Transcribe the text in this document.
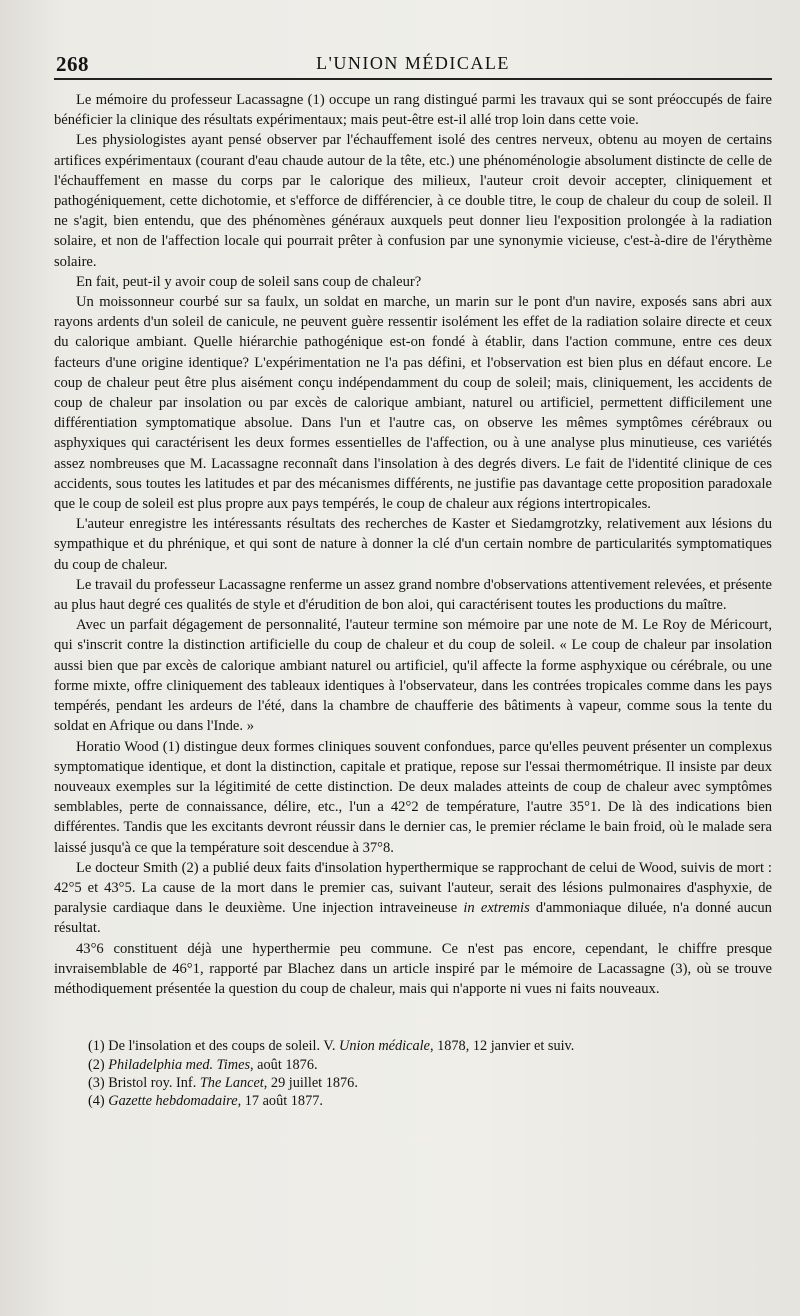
268	L'UNION MÉDICALE

Le mémoire du professeur Lacassagne (1) occupe un rang distingué parmi les travaux qui se sont préoccupés de faire bénéficier la clinique des résultats expérimentaux; mais peut-être est-il allé trop loin dans cette voie.

Les physiologistes ayant pensé observer par l'échauffement isolé des centres nerveux, obtenu au moyen de certains artifices expérimentaux (courant d'eau chaude autour de la tête, etc.) une phénoménologie absolument distincte de celle de l'échauffement en masse du corps par le calorique des milieux, l'auteur croit devoir accepter, cliniquement et pathogéniquement, cette dichotomie, et s'efforce de différencier, à ce double titre, le coup de chaleur du coup de soleil. Il ne s'agit, bien entendu, que des phénomènes généraux auxquels peut donner lieu l'exposition prolongée à la radiation solaire, et non de l'affection locale qui pourrait prêter à confusion par une synonymie vicieuse, c'est-à-dire de l'érythème solaire.

En fait, peut-il y avoir coup de soleil sans coup de chaleur?

Un moissonneur courbé sur sa faulx, un soldat en marche, un marin sur le pont d'un navire, exposés sans abri aux rayons ardents d'un soleil de canicule, ne peuvent guère ressentir isolément les effet de la radiation solaire directe et ceux du calorique ambiant. Quelle hiérarchie pathogénique est-on fondé à établir, dans l'action commune, entre ces deux facteurs d'une origine identique? L'expérimentation ne l'a pas défini, et l'observation est bien plus en défaut encore. Le coup de chaleur peut être plus aisément conçu indépendamment du coup de soleil; mais, cliniquement, les accidents de coup de chaleur par insolation ou par excès de calorique ambiant, naturel ou artificiel, permettent difficilement une différentiation symptomatique absolue. Dans l'un et l'autre cas, on observe les mêmes symptômes cérébraux ou asphyxiques qui caractérisent les deux formes essentielles de l'affection, ou à une analyse plus minutieuse, ces variétés assez nombreuses que M. Lacassagne reconnaît dans l'insolation à des degrés divers. Le fait de l'identité clinique de ces accidents, sous toutes les latitudes et par des mécanismes différents, ne justifie pas davantage cette proposition paradoxale que le coup de soleil est plus propre aux pays tempérés, le coup de chaleur aux régions intertropicales.

L'auteur enregistre les intéressants résultats des recherches de Kaster et Siedamgrotzky, relativement aux lésions du sympathique et du phrénique, et qui sont de nature à donner la clé d'un certain nombre de particularités symptomatiques du coup de chaleur.

Le travail du professeur Lacassagne renferme un assez grand nombre d'observations attentivement relevées, et présente au plus haut degré ces qualités de style et d'érudition de bon aloi, qui caractérisent toutes les productions du maître.

Avec un parfait dégagement de personnalité, l'auteur termine son mémoire par une note de M. Le Roy de Méricourt, qui s'inscrit contre la distinction artificielle du coup de chaleur et du coup de soleil. « Le coup de chaleur par insolation aussi bien que par excès de calorique ambiant naturel ou artificiel, qu'il affecte la forme asphyxique ou cérébrale, ou une forme mixte, offre cliniquement des tableaux identiques à l'observateur, dans les contrées tropicales comme dans les pays tempérés, pendant les ardeurs de l'été, dans la chambre de chaufferie des bâtiments à vapeur, comme sous la tente du soldat en Afrique ou dans l'Inde. »

Horatio Wood (1) distingue deux formes cliniques souvent confondues, parce qu'elles peuvent présenter un complexus symptomatique identique, et dont la distinction, capitale et pratique, repose sur l'essai thermométrique. Il insiste par deux nouveaux exemples sur la légitimité de cette distinction. De deux malades atteints de coup de chaleur avec symptômes semblables, perte de connaissance, délire, etc., l'un a 42°2 de température, l'autre 35°1. De là des indications bien différentes. Tandis que les excitants devront réussir dans le dernier cas, le premier réclame le bain froid, où le malade sera laissé jusqu'à ce que la température soit descendue à 37°8.

Le docteur Smith (2) a publié deux faits d'insolation hyperthermique se rapprochant de celui de Wood, suivis de mort : 42°5 et 43°5. La cause de la mort dans le premier cas, suivant l'auteur, serait des lésions pulmonaires d'asphyxie, de paralysie cardiaque dans le deuxième. Une injection intraveineuse in extremis d'ammoniaque diluée, n'a donné aucun résultat.

43°6 constituent déjà une hyperthermie peu commune. Ce n'est pas encore, cependant, le chiffre presque invraisemblable de 46°1, rapporté par Blachez dans un article inspiré par le mémoire de Lacassagne (3), où se trouve méthodiquement présentée la question du coup de chaleur, mais qui n'apporte ni vues ni faits nouveaux.

(1) De l'insolation et des coups de soleil. V. Union médicale, 1878, 12 janvier et suiv.

(2) Philadelphia med. Times, août 1876.

(3) Bristol roy. Inf. The Lancet, 29 juillet 1876.

(4) Gazette hebdomadaire, 17 août 1877.
